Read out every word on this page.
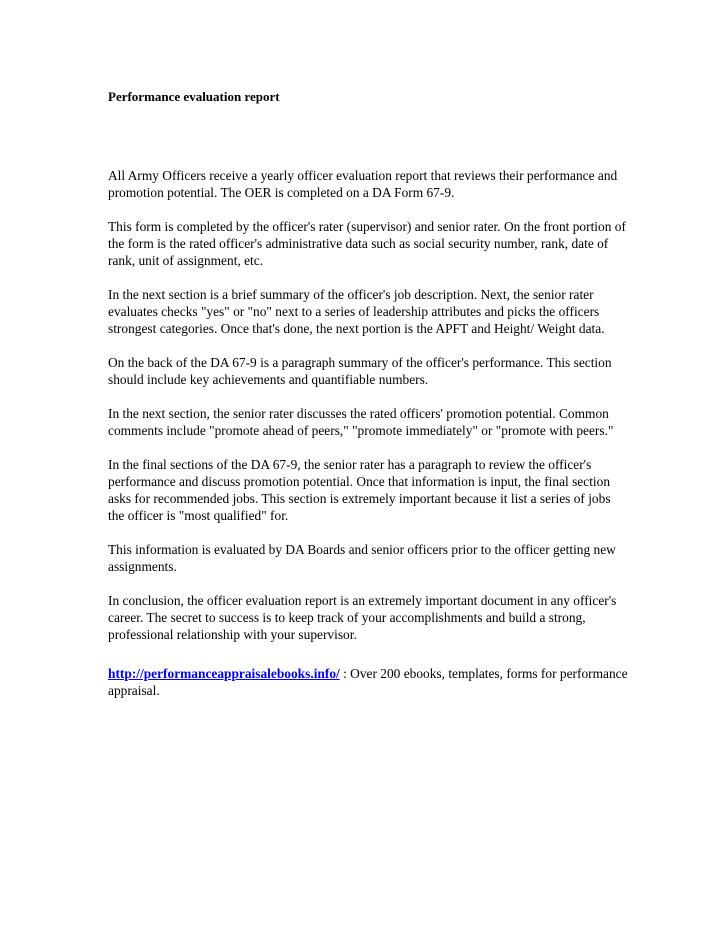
Performance evaluation report

All Army Officers receive a yearly officer evaluation report that reviews their performance and promotion potential. The OER is completed on a DA Form 67-9.

This form is completed by the officer's rater (supervisor) and senior rater. On the front portion of the form is the rated officer's administrative data such as social security number, rank, date of rank, unit of assignment, etc.

In the next section is a brief summary of the officer's job description. Next, the senior rater evaluates checks "yes" or "no" next to a series of leadership attributes and picks the officers strongest categories. Once that's done, the next portion is the APFT and Height/ Weight data.

On the back of the DA 67-9 is a paragraph summary of the officer's performance. This section should include key achievements and quantifiable numbers.

In the next section, the senior rater discusses the rated officers' promotion potential. Common comments include "promote ahead of peers," "promote immediately" or "promote with peers."

In the final sections of the DA 67-9, the senior rater has a paragraph to review the officer's performance and discuss promotion potential. Once that information is input, the final section asks for recommended jobs. This section is extremely important because it list a series of jobs the officer is "most qualified" for.

This information is evaluated by DA Boards and senior officers prior to the officer getting new assignments.

In conclusion, the officer evaluation report is an extremely important document in any officer's career. The secret to success is to keep track of your accomplishments and build a strong, professional relationship with your supervisor.

http://performanceappraisalebooks.info/ : Over 200 ebooks, templates, forms for performance appraisal.
